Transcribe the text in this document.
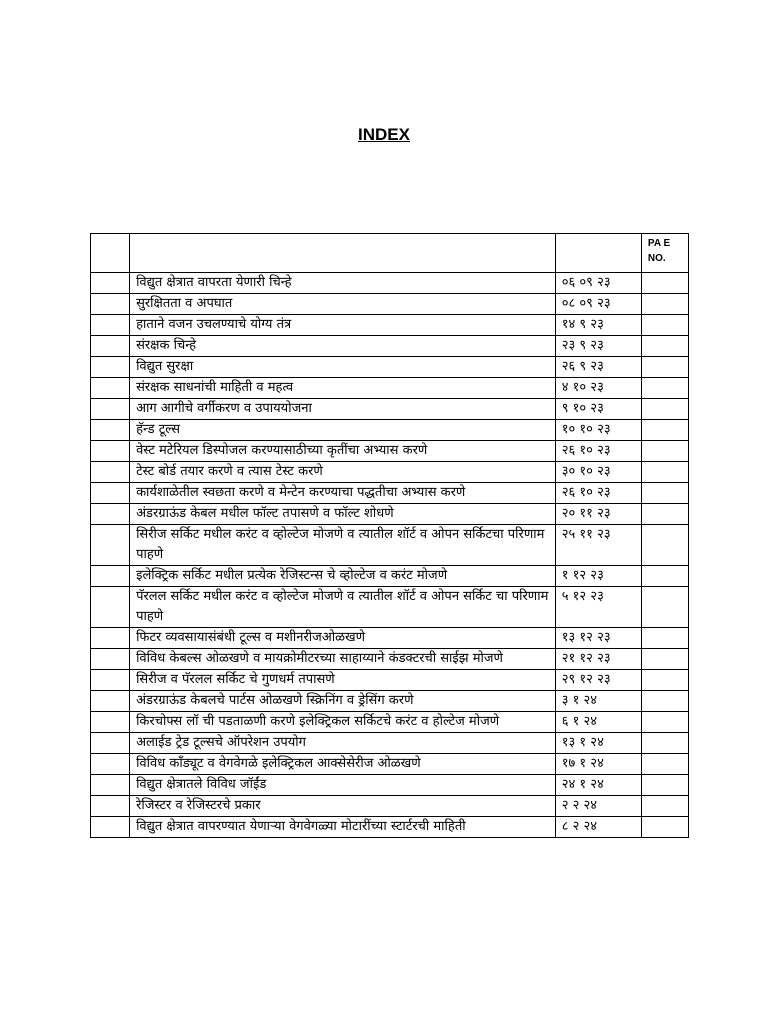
INDEX

			PA E
NO.

	विद्युत क्षेत्रात वापरता येणारी चिन्हे	०६ ०९ २३	
	सुरक्षितता व अपघात	०८ ०९ २३	
	हाताने वजन उचलण्याचे योग्य तंत्र	१४ ९ २३	
	संरक्षक चिन्हे	२३ ९ २३	
	विद्युत सुरक्षा	२६ ९ २३	
	संरक्षक साधनांची माहिती व महत्व	४ १० २३	
	आग आगीचे वर्गीकरण व उपाययोजना	९ १० २३	
	हॅन्ड टूल्स	१० १० २३	
	वेस्ट मटेरियल डिस्पोजल करण्यासाठीच्या कृतींचा अभ्यास करणे	२६ १० २३	
	टेस्ट बोर्ड तयार करणे व त्यास टेस्ट करणे	३० १० २३	
	कार्यशाळेतील स्वछता करणे व मेन्टेन करण्याचा पद्धतीचा अभ्यास करणे	२६ १० २३	
	अंडरग्राऊंड केबल मधील फॉल्ट तपासणे व फॉल्ट शोधणे	२० ११ २३	
	सिरीज सर्किट मधील करंट व व्होल्टेज मोजणे व त्यातील शॉर्ट व ओपन सर्किटचा परिणाम पाहणे	२५ ११ २३	
	इलेक्ट्रिक सर्किट मधील प्रत्येक रेजिस्टन्स चे व्होल्टेज व करंट मोजणे	१ १२ २३	
	पॅरलल सर्किट मधील करंट व व्होल्टेज मोजणे व त्यातील शॉर्ट व ओपन सर्किट चा परिणाम पाहणे	५ १२ २३	
	फिटर व्यवसायासंबंधी टूल्स व मशीनरीजओळखणे	१३ १२ २३	
	विविध केबल्स ओळखणे व मायक्रोमीटरच्या साहाय्याने कंडक्टरची साईझ मोजणे	२१ १२ २३	
	सिरीज व पॅरलल सर्किट चे गुणधर्म तपासणे	२९ १२ २३	
	अंडरग्राऊंड केबलचे पार्टस ओळखणे स्क्रिनिंग व ड्रेसिंग करणे	३ १ २४	
	किरचोफ्स लॉ ची पडताळणी करणे इलेक्ट्रिकल सर्किटचे करंट व होल्टेज मोजणे	६ १ २४	
	अलाईड ट्रेड टूल्सचे ऑपरेशन उपयोग	१३ १ २४	
	विविध कॉंड्यूट व वेगवेगळे इलेक्ट्रिकल आक्सेसेरीज ओळखणे	१७ १ २४	
	विद्युत क्षेत्रातले विविध जॉईंड	२४ १ २४	
	रेजिस्टर व रेजिस्टरचे प्रकार	२ २ २४	
	विद्युत क्षेत्रात वापरण्यात येणाऱ्या वेगवेगळ्या मोटारींच्या स्टार्टरची माहिती	८ २ २४	
